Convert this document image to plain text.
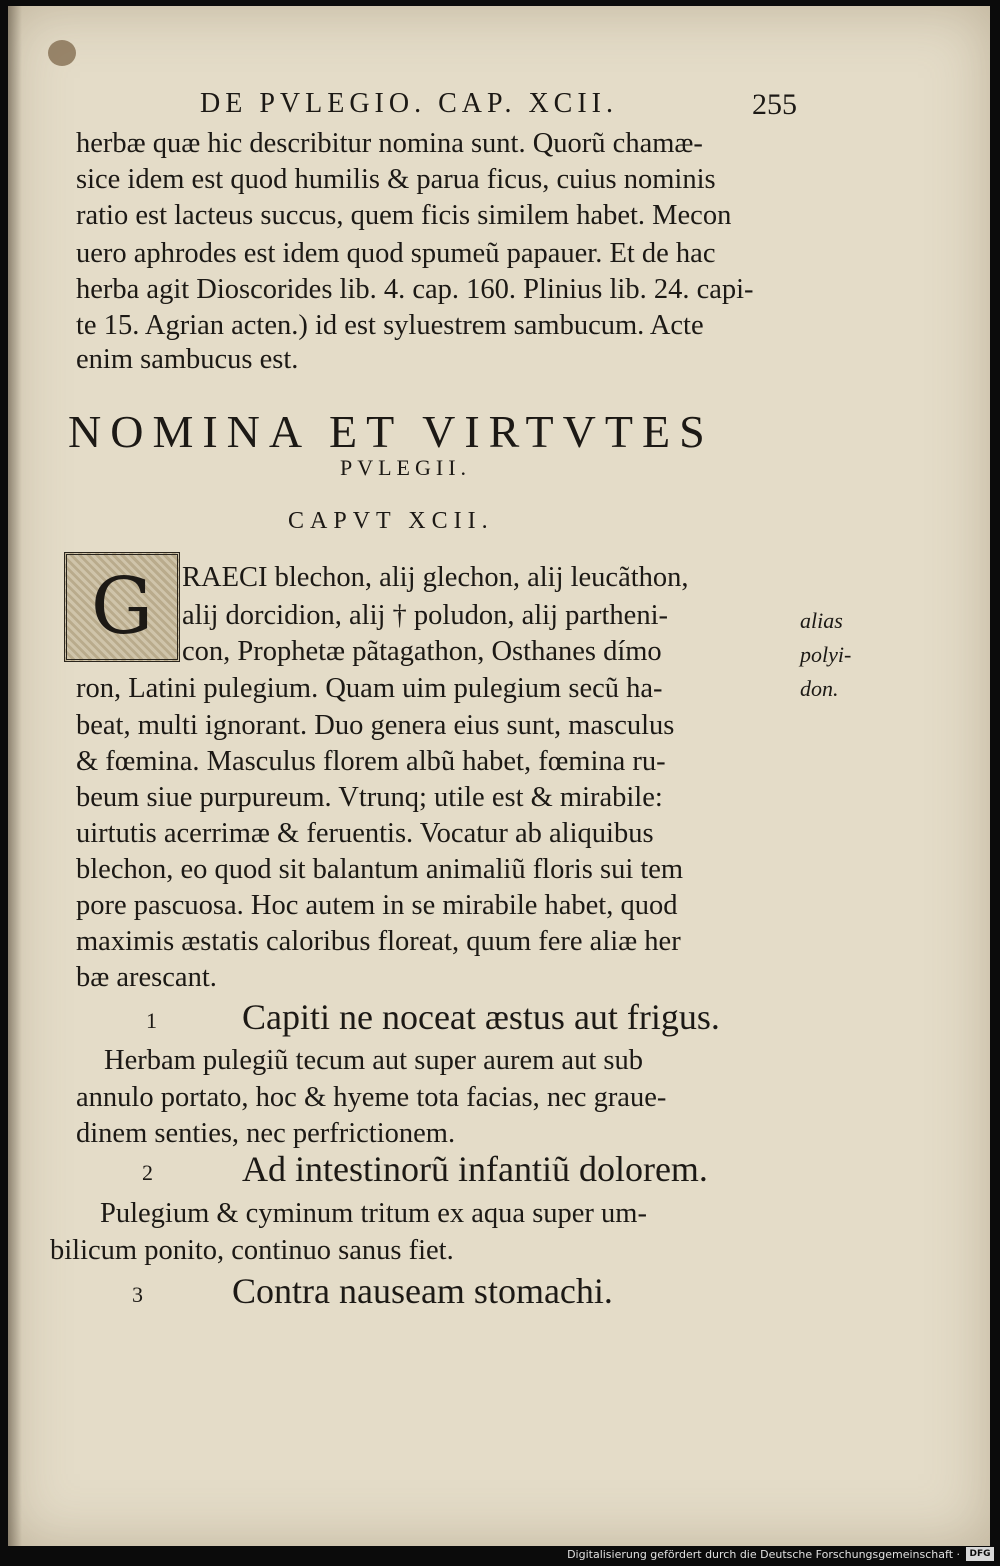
DE PVLEGIO. CAP. XCII.	255
herbæ quæ hic describitur nomina sunt. Quorũ chamæ-
sice idem est quod humilis & parua ficus, cuius nominis
ratio est lacteus succus, quem ficis similem habet. Mecon
uero aphrodes est idem quod spumeũ papauer. Et de hac
herba agit Dioscorides lib. 4. cap. 160. Plinius lib. 24. capi-
te 15. Agrian acten.) id est syluestrem sambucum. Acte
enim sambucus est.
NOMINA ET VIRTVTES
PVLEGII.
CAPVT XCII.
G	RAECI blechon, alij glechon, alij leucãthon,
alij dorcidion, alij † poludon, alij partheni-
con, Prophetæ pãtagathon, Osthanes dímo
ron, Latini pulegium. Quam uim pulegium secũ ha-
beat, multi ignorant. Duo genera eius sunt, masculus
& fœmina. Masculus florem albũ habet, fœmina ru-
beum siue purpureum. Vtrunq; utile est & mirabile:
uirtutis acerrimæ & feruentis. Vocatur ab aliquibus
blechon, eo quod sit balantum animaliũ floris sui tem
pore pascuosa. Hoc autem in se mirabile habet, quod
maximis æstatis caloribus floreat, quum fere aliæ her
bæ arescant.
alias
polyi-
don.
1 Capiti ne noceat æstus aut frigus.
Herbam pulegiũ tecum aut super aurem aut sub
annulo portato, hoc & hyeme tota facias, nec graue-
dinem senties, nec perfrictionem.
2 Ad intestinorũ infantiũ dolorem.
Pulegium & cyminum tritum ex aqua super um-
bilicum ponito, continuo sanus fiet.
3 Contra nauseam stomachi.
Digitalisierung gefördert durch die Deutsche Forschungsgemeinschaft ·	DFG
